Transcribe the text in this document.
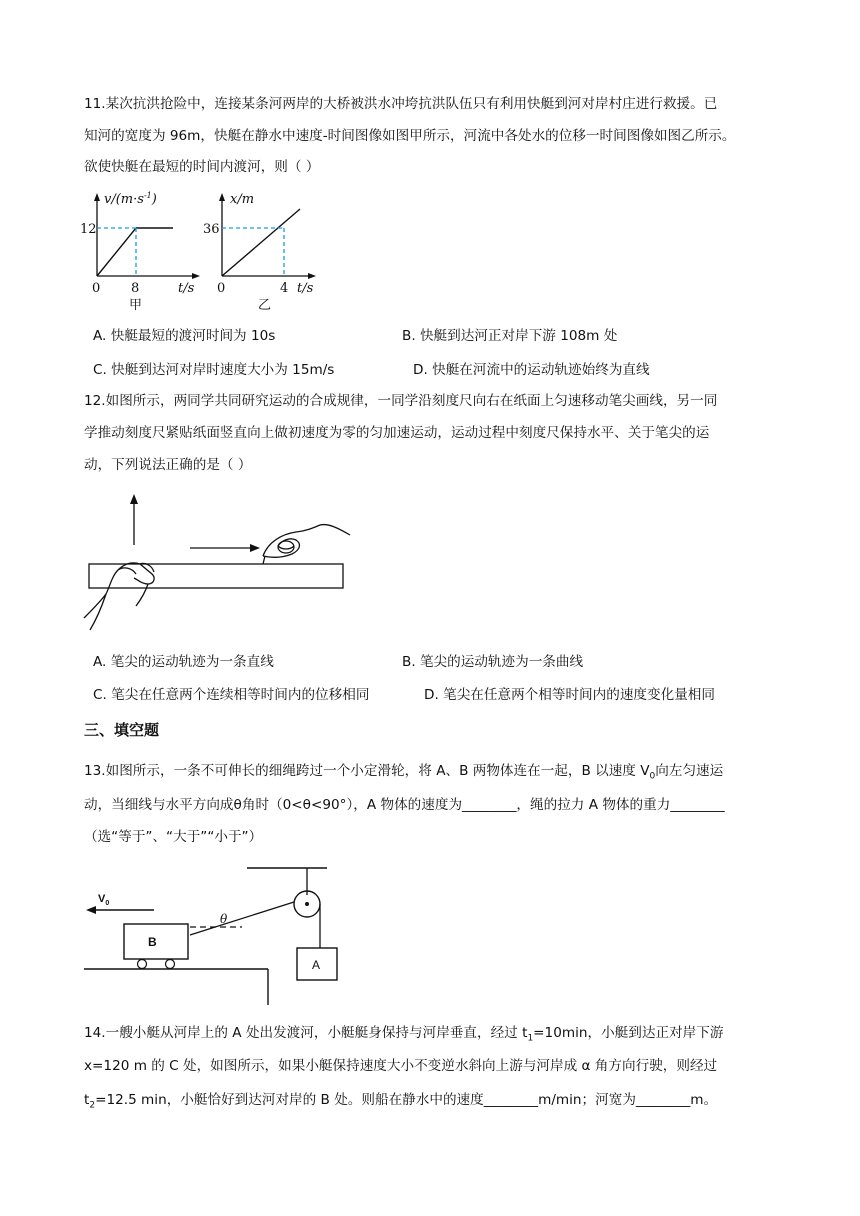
11.某次抗洪抢险中，连接某条河两岸的大桥被洪水冲垮抗洪队伍只有利用快艇到河对岸村庄进行救援。已
知河的宽度为 96m，快艇在静水中速度-时间图像如图甲所示，河流中各处水的位移一时间图像如图乙所示。
欲使快艇在最短的时间内渡河，则（ ）
$v/(m\cdot s^{-1})$
12
0 8	t/s
甲
x/m
36
0	4 t/s
乙
A. 快艇最短的渡河时间为 10s	B. 快艇到达河正对岸下游 108m 处
C. 快艇到达河对岸时速度大小为 15m/s	D. 快艇在河流中的运动轨迹始终为直线
12.如图所示，两同学共同研究运动的合成规律，一同学沿刻度尺向右在纸面上匀速移动笔尖画线，另一同
学推动刻度尺紧贴纸面竖直向上做初速度为零的匀加速运动，运动过程中刻度尺保持水平、关于笔尖的运
动，下列说法正确的是（ ）
A. 笔尖的运动轨迹为一条直线	B. 笔尖的运动轨迹为一条曲线
C. 笔尖在任意两个连续相等时间内的位移相同	D. 笔尖在任意两个相等时间内的速度变化量相同
三、填空题
13.如图所示，一条不可伸长的细绳跨过一个小定滑轮，将 A、B 两物体连在一起，B 以速度 $V_0$向左匀速运
动，当细线与水平方向成θ角时（0<θ<90°），A 物体的速度为________，绳的拉力 A 物体的重力________
（选“等于”、“大于”“小于”）
θ
A
B
$V_0$
14.一艘小艇从河岸上的 A 处出发渡河，小艇艇身保持与河岸垂直，经过 $t_1=10\min$，小艇到达正对岸下游
x=120 m 的 C 处，如图所示，如果小艇保持速度大小不变逆水斜向上游与河岸成 α 角方向行驶，则经过
$t_2=12.5$ min，小艇恰好到达河对岸的 B 处。则船在静水中的速度________m/min；河宽为________m。
